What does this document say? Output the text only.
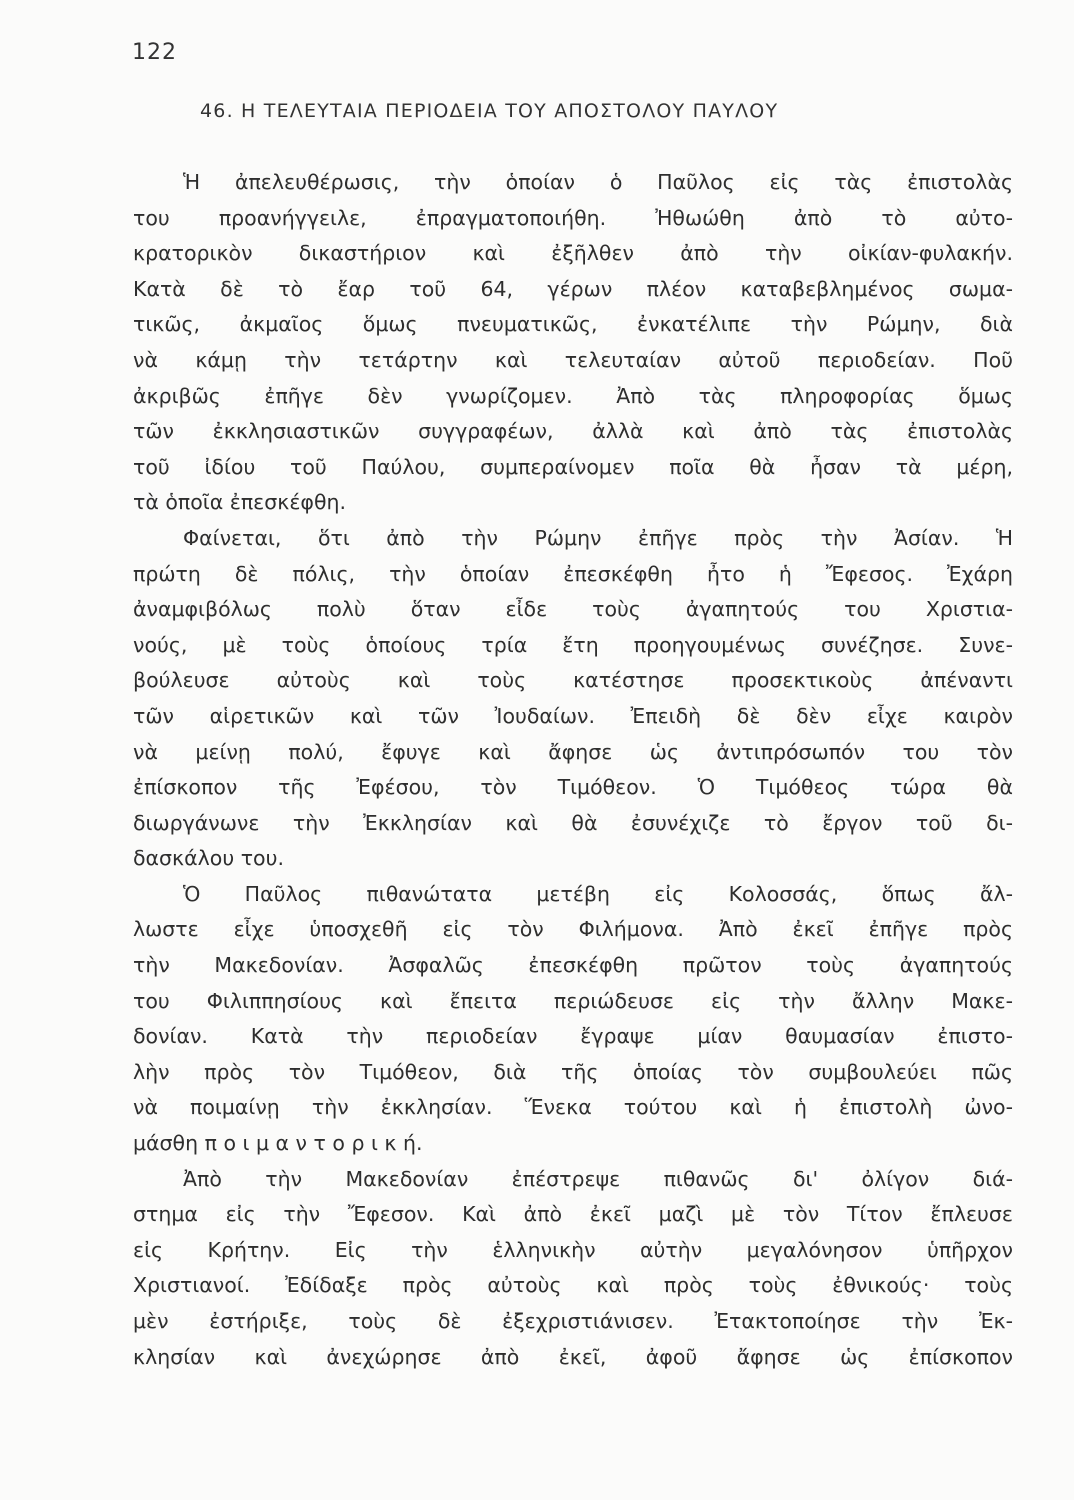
122
46. Η ΤΕΛΕΥΤΑΙΑ ΠΕΡΙΟΔΕΙΑ ΤΟΥ ΑΠΟΣΤΟΛΟΥ ΠΑΥΛΟΥ
Ἡ ἀπελευθέρωσις, τὴν ὁποίαν ὁ Παῦλος εἰς τὰς ἐπιστολὰς
του προανήγγειλε, ἐπραγματοποιήθη. Ἠθωώθη ἀπὸ τὸ αὐτο-
κρατορικὸν δικαστήριον καὶ ἐξῆλθεν ἀπὸ τὴν οἰκίαν-φυλακήν.
Κατὰ δὲ τὸ ἔαρ τοῦ 64, γέρων πλέον καταβεβλημένος σωμα-
τικῶς, ἀκμαῖος ὅμως πνευματικῶς, ἐνκατέλιπε τὴν Ρώμην, διὰ
νὰ κάμῃ τὴν τετάρτην καὶ τελευταίαν αὐτοῦ περιοδείαν. Ποῦ
ἀκριβῶς ἐπῆγε δὲν γνωρίζομεν. Ἀπὸ τὰς πληροφορίας ὅμως
τῶν ἐκκλησιαστικῶν συγγραφέων, ἀλλὰ καὶ ἀπὸ τὰς ἐπιστολὰς
τοῦ ἰδίου τοῦ Παύλου, συμπεραίνομεν ποῖα θὰ ἦσαν τὰ μέρη,
τὰ ὁποῖα ἐπεσκέφθη.
Φαίνεται, ὅτι ἀπὸ τὴν Ρώμην ἐπῆγε πρὸς τὴν Ἀσίαν. Ἡ
πρώτη δὲ πόλις, τὴν ὁποίαν ἐπεσκέφθη ἦτο ἡ Ἔφεσος. Ἐχάρη
ἀναμφιβόλως πολὺ ὅταν εἶδε τοὺς ἀγαπητούς του Χριστια-
νούς, μὲ τοὺς ὁποίους τρία ἔτη προηγουμένως συνέζησε. Συνε-
βούλευσε αὐτοὺς καὶ τοὺς κατέστησε προσεκτικοὺς ἀπέναντι
τῶν αἱρετικῶν καὶ τῶν Ἰουδαίων. Ἐπειδὴ δὲ δὲν εἶχε καιρὸν
νὰ μείνῃ πολύ, ἔφυγε καὶ ἄφησε ὡς ἀντιπρόσωπόν του τὸν
ἐπίσκοπον τῆς Ἐφέσου, τὸν Τιμόθεον. Ὁ Τιμόθεος τώρα θὰ
διωργάνωνε τὴν Ἐκκλησίαν καὶ θὰ ἐσυνέχιζε τὸ ἔργον τοῦ δι-
δασκάλου του.
Ὁ Παῦλος πιθανώτατα μετέβη εἰς Κολοσσάς, ὅπως ἄλ-
λωστε εἶχε ὑποσχεθῆ εἰς τὸν Φιλήμονα. Ἀπὸ ἐκεῖ ἐπῆγε πρὸς
τὴν Μακεδονίαν. Ἀσφαλῶς ἐπεσκέφθη πρῶτον τοὺς ἀγαπητούς
του Φιλιππησίους καὶ ἔπειτα περιώδευσε εἰς τὴν ἄλλην Μακε-
δονίαν. Κατὰ τὴν περιοδείαν ἔγραψε μίαν θαυμασίαν ἐπιστο-
λὴν πρὸς τὸν Τιμόθεον, διὰ τῆς ὁποίας τὸν συμβουλεύει πῶς
νὰ ποιμαίνῃ τὴν ἐκκλησίαν. Ἕνεκα τούτου καὶ ἡ ἐπιστολὴ ὠνο-
μάσθη π ο ι μ α ν τ ο ρ ι κ ή.
Ἀπὸ τὴν Μακεδονίαν ἐπέστρεψε πιθανῶς δι' ὀλίγον διά-
στημα εἰς τὴν Ἔφεσον. Καὶ ἀπὸ ἐκεῖ μαζὶ μὲ τὸν Τίτον ἔπλευσε
εἰς Κρήτην. Εἰς τὴν ἑλληνικὴν αὐτὴν μεγαλόνησον ὑπῆρχον
Χριστιανοί. Ἐδίδαξε πρὸς αὐτοὺς καὶ πρὸς τοὺς ἐθνικούς· τοὺς
μὲν ἐστήριξε, τοὺς δὲ ἐξεχριστιάνισεν. Ἐτακτοποίησε τὴν Ἐκ-
κλησίαν καὶ ἀνεχώρησε ἀπὸ ἐκεῖ, ἀφοῦ ἄφησε ὡς ἐπίσκοπον
